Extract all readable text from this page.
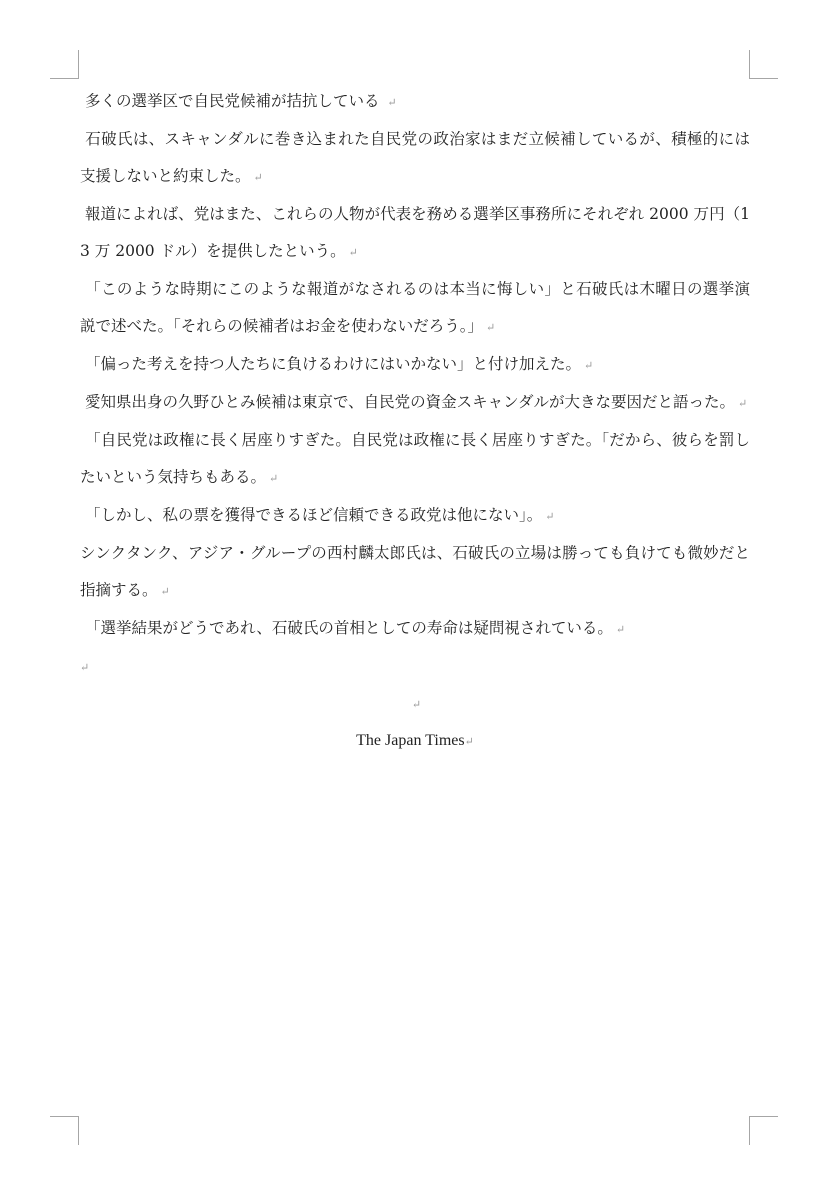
多くの選挙区で自民党候補が拮抗している ↵

石破氏は、スキャンダルに巻き込まれた自民党の政治家はまだ立候補しているが、積極的には支援しないと約束した。 ↵

報道によれば、党はまた、これらの人物が代表を務める選挙区事務所にそれぞれ 2000 万円（13 万 2000 ドル）を提供したという。 ↵

「このような時期にこのような報道がなされるのは本当に悔しい」と石破氏は木曜日の選挙演説で述べた。「それらの候補者はお金を使わないだろう。」 ↵

「偏った考えを持つ人たちに負けるわけにはいかない」と付け加えた。 ↵

愛知県出身の久野ひとみ候補は東京で、自民党の資金スキャンダルが大きな要因だと語った。 ↵

「自民党は政権に長く居座りすぎた。自民党は政権に長く居座りすぎた。「だから、彼らを罰したいという気持ちもある。 ↵

「しかし、私の票を獲得できるほど信頼できる政党は他にない」。 ↵

シンクタンク、アジア・グループの西村麟太郎氏は、石破氏の立場は勝っても負けても微妙だと指摘する。 ↵

「選挙結果がどうであれ、石破氏の首相としての寿命は疑問視されている。 ↵

↵

↵

The Japan Times↵
